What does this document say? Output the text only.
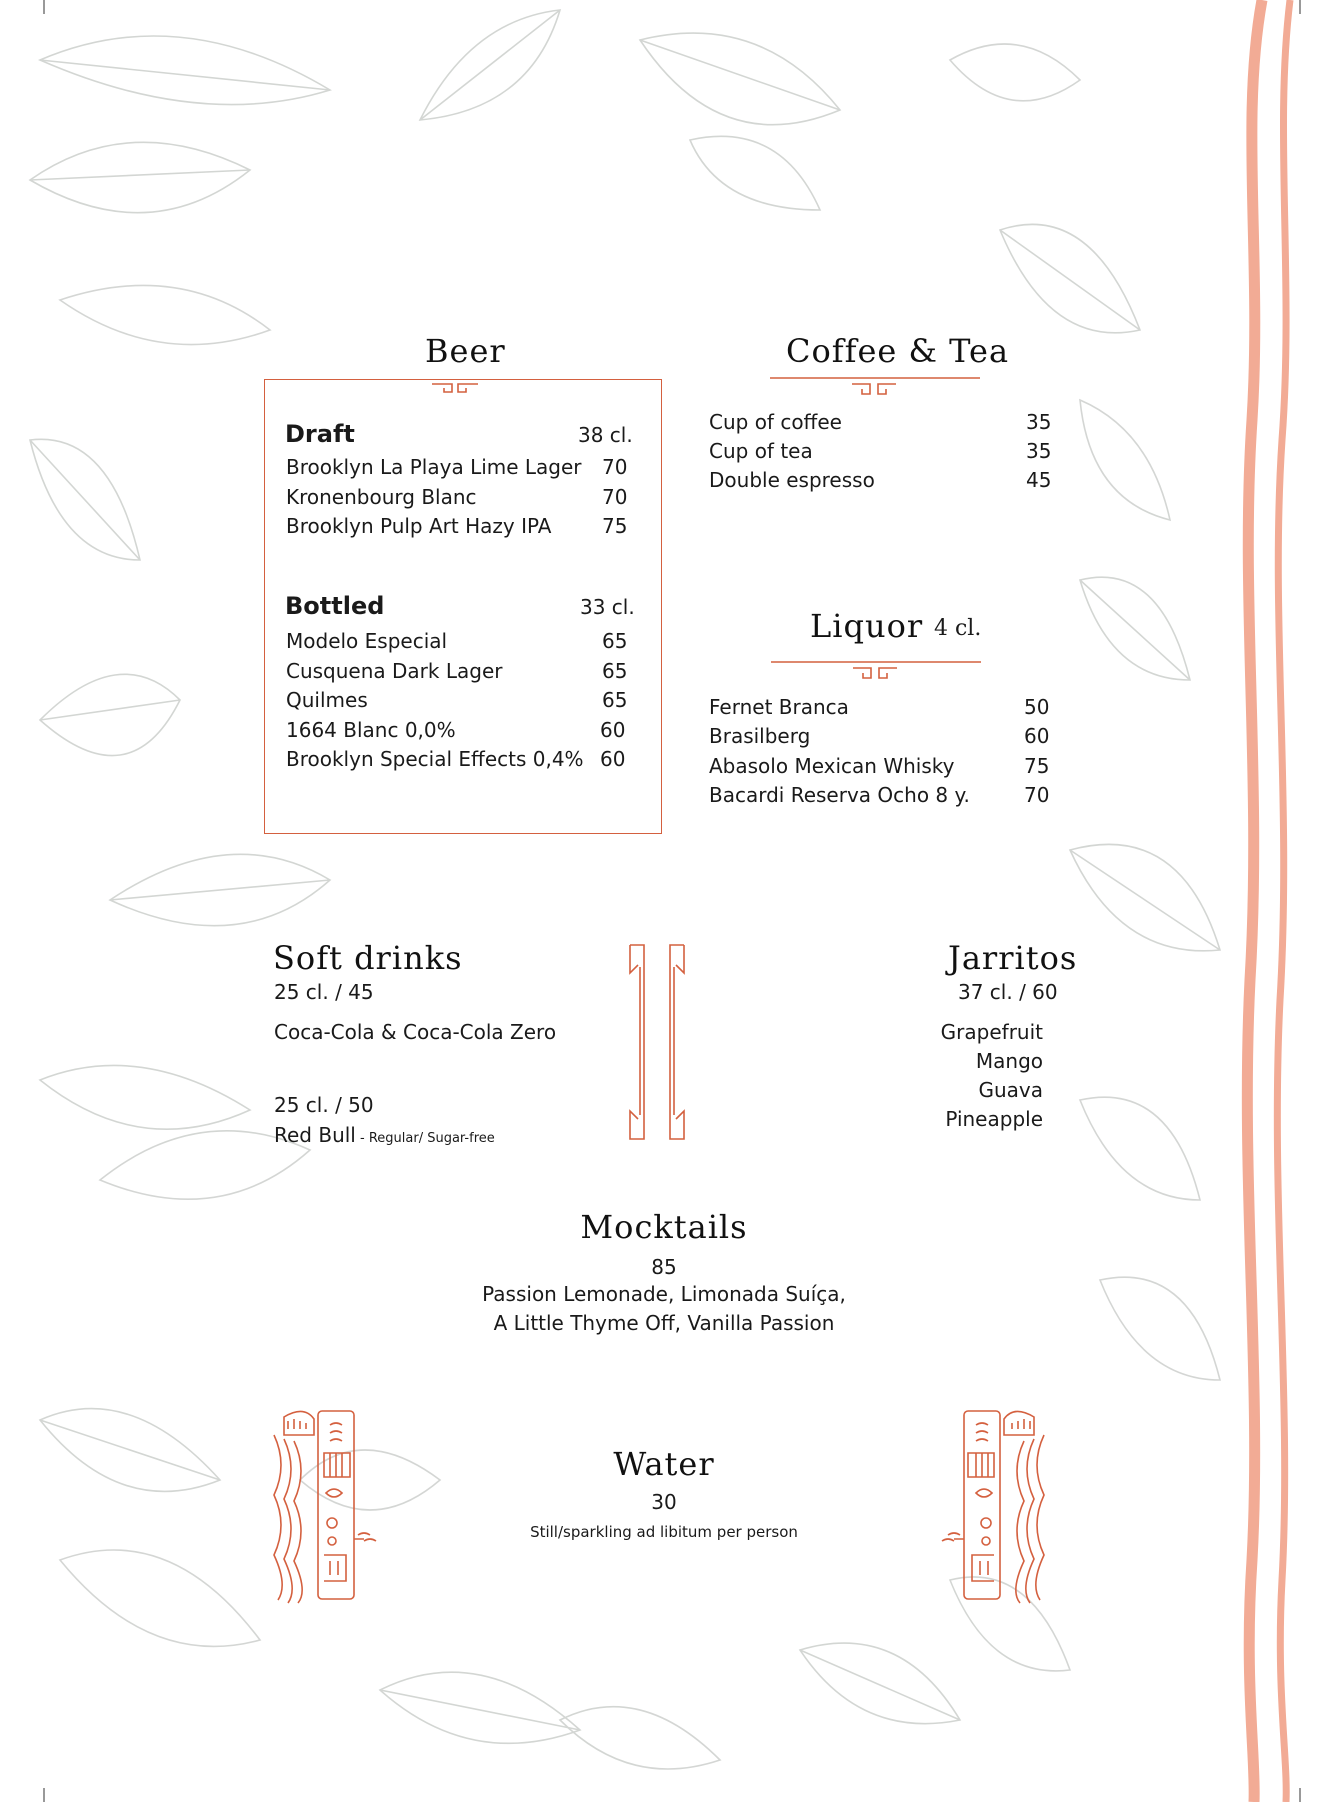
Beer
Draft	38 cl.
Brooklyn La Playa Lime Lager 70
Kronenbourg Blanc	70
Brooklyn Pulp Art Hazy IPA	75
Bottled	33 cl.
Modelo Especial	65
Cusquena Dark Lager	65
Quilmes	65
1664 Blanc 0,0%	60
Brooklyn Special Effects 0,4% 60
Coffee & Tea
Cup of coffee	35
Cup of tea	35
Double espresso	45
Liquor 4 cl.
Fernet Branca	50
Brasilberg	60
Abasolo Mexican Whisky	75
Bacardi Reserva Ocho 8 y.	70
Soft drinks
25 cl. / 45
Coca-Cola & Coca-Cola Zero
25 cl. / 50
Red Bull - Regular/ Sugar-free
Jarritos
37 cl. / 60
Grapefruit
Mango
Guava
Pineapple
Mocktails
85
Passion Lemonade, Limonada Suíça,
A Little Thyme Off, Vanilla Passion
Water
30
Still/sparkling ad libitum per person
